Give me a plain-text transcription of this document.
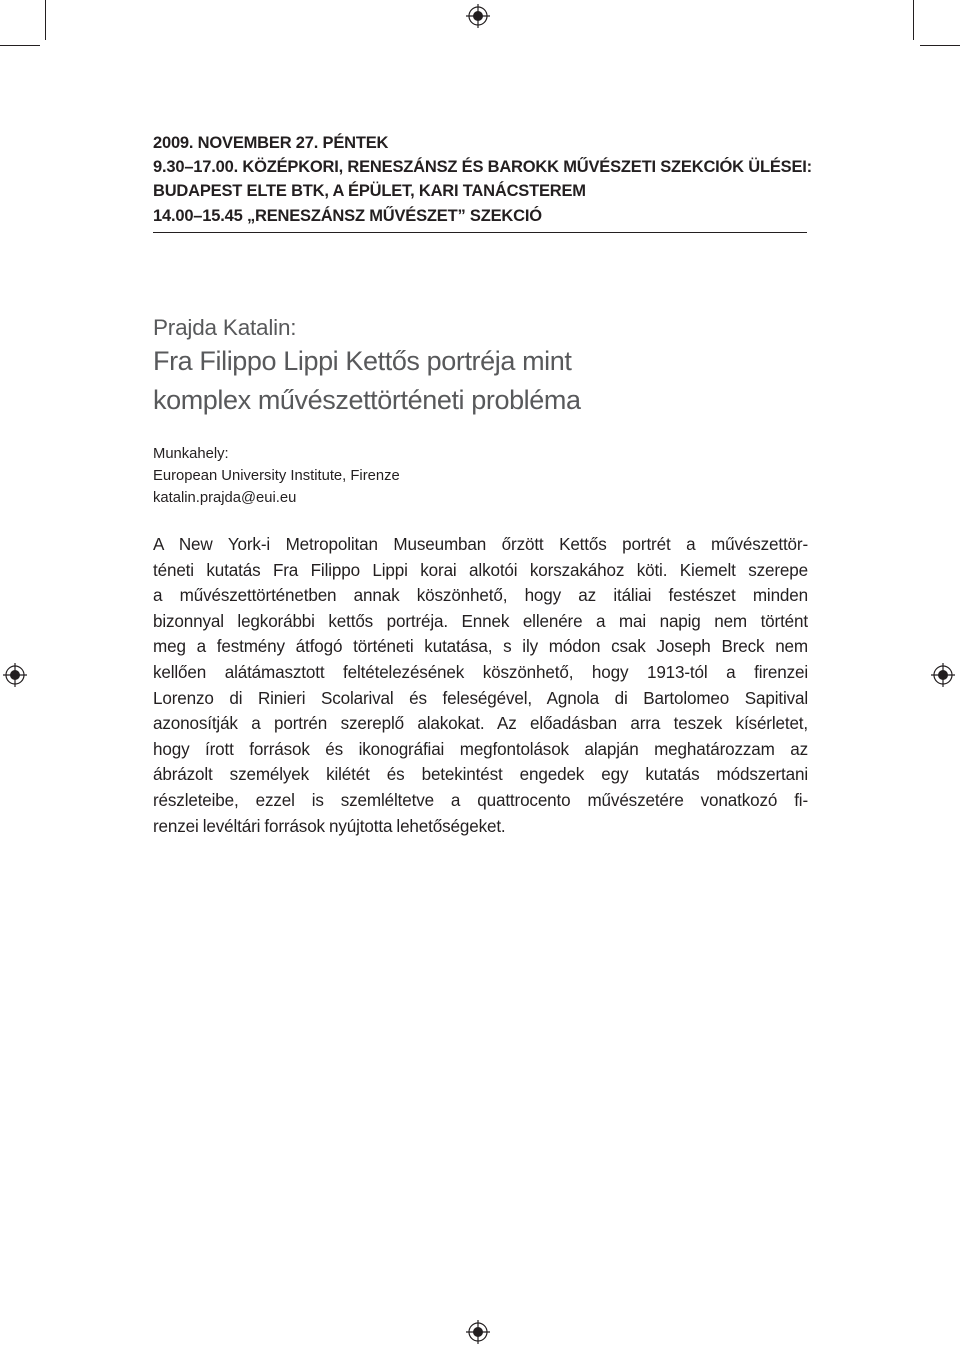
2009. NOVEMBER 27. PÉNTEK
9.30–17.00. KÖZÉPKORI, RENESZÁNSZ ÉS BAROKK MŰVÉSZETI SZEKCIÓK ÜLÉSEI:
BUDAPEST ELTE BTK, A ÉPÜLET, KARI TANÁCSTEREM
14.00–15.45 „RENESZÁNSZ MŰVÉSZET” SZEKCIÓ
Prajda Katalin:
Fra Filippo Lippi Kettős portréja mint
komplex művészettörténeti probléma
Munkahely:
European University Institute, Firenze
katalin.prajda@eui.eu
A New York-i Metropolitan Museumban őrzött Kettős portrét a művészettör-
téneti kutatás Fra Filippo Lippi korai alkotói korszakához köti. Kiemelt szerepe
a művészettörténetben annak köszönhető, hogy az itáliai festészet minden
bizonnyal legkorábbi kettős portréja. Ennek ellenére a mai napig nem történt
meg a festmény átfogó történeti kutatása, s ily módon csak Joseph Breck nem
kellően alátámasztott feltételezésének köszönhető, hogy 1913-tól a firenzei
Lorenzo di Rinieri Scolarival és feleségével, Agnola di Bartolomeo Sapitival
azonosítják a portrén szereplő alakokat. Az előadásban arra teszek kísérletet,
hogy írott források és ikonográfiai megfontolások alapján meghatározzam az
ábrázolt személyek kilétét és betekintést engedek egy kutatás módszertani
részleteibe, ezzel is szemléltetve a quattrocento művészetére vonatkozó fi-
renzei levéltári források nyújtotta lehetőségeket.
